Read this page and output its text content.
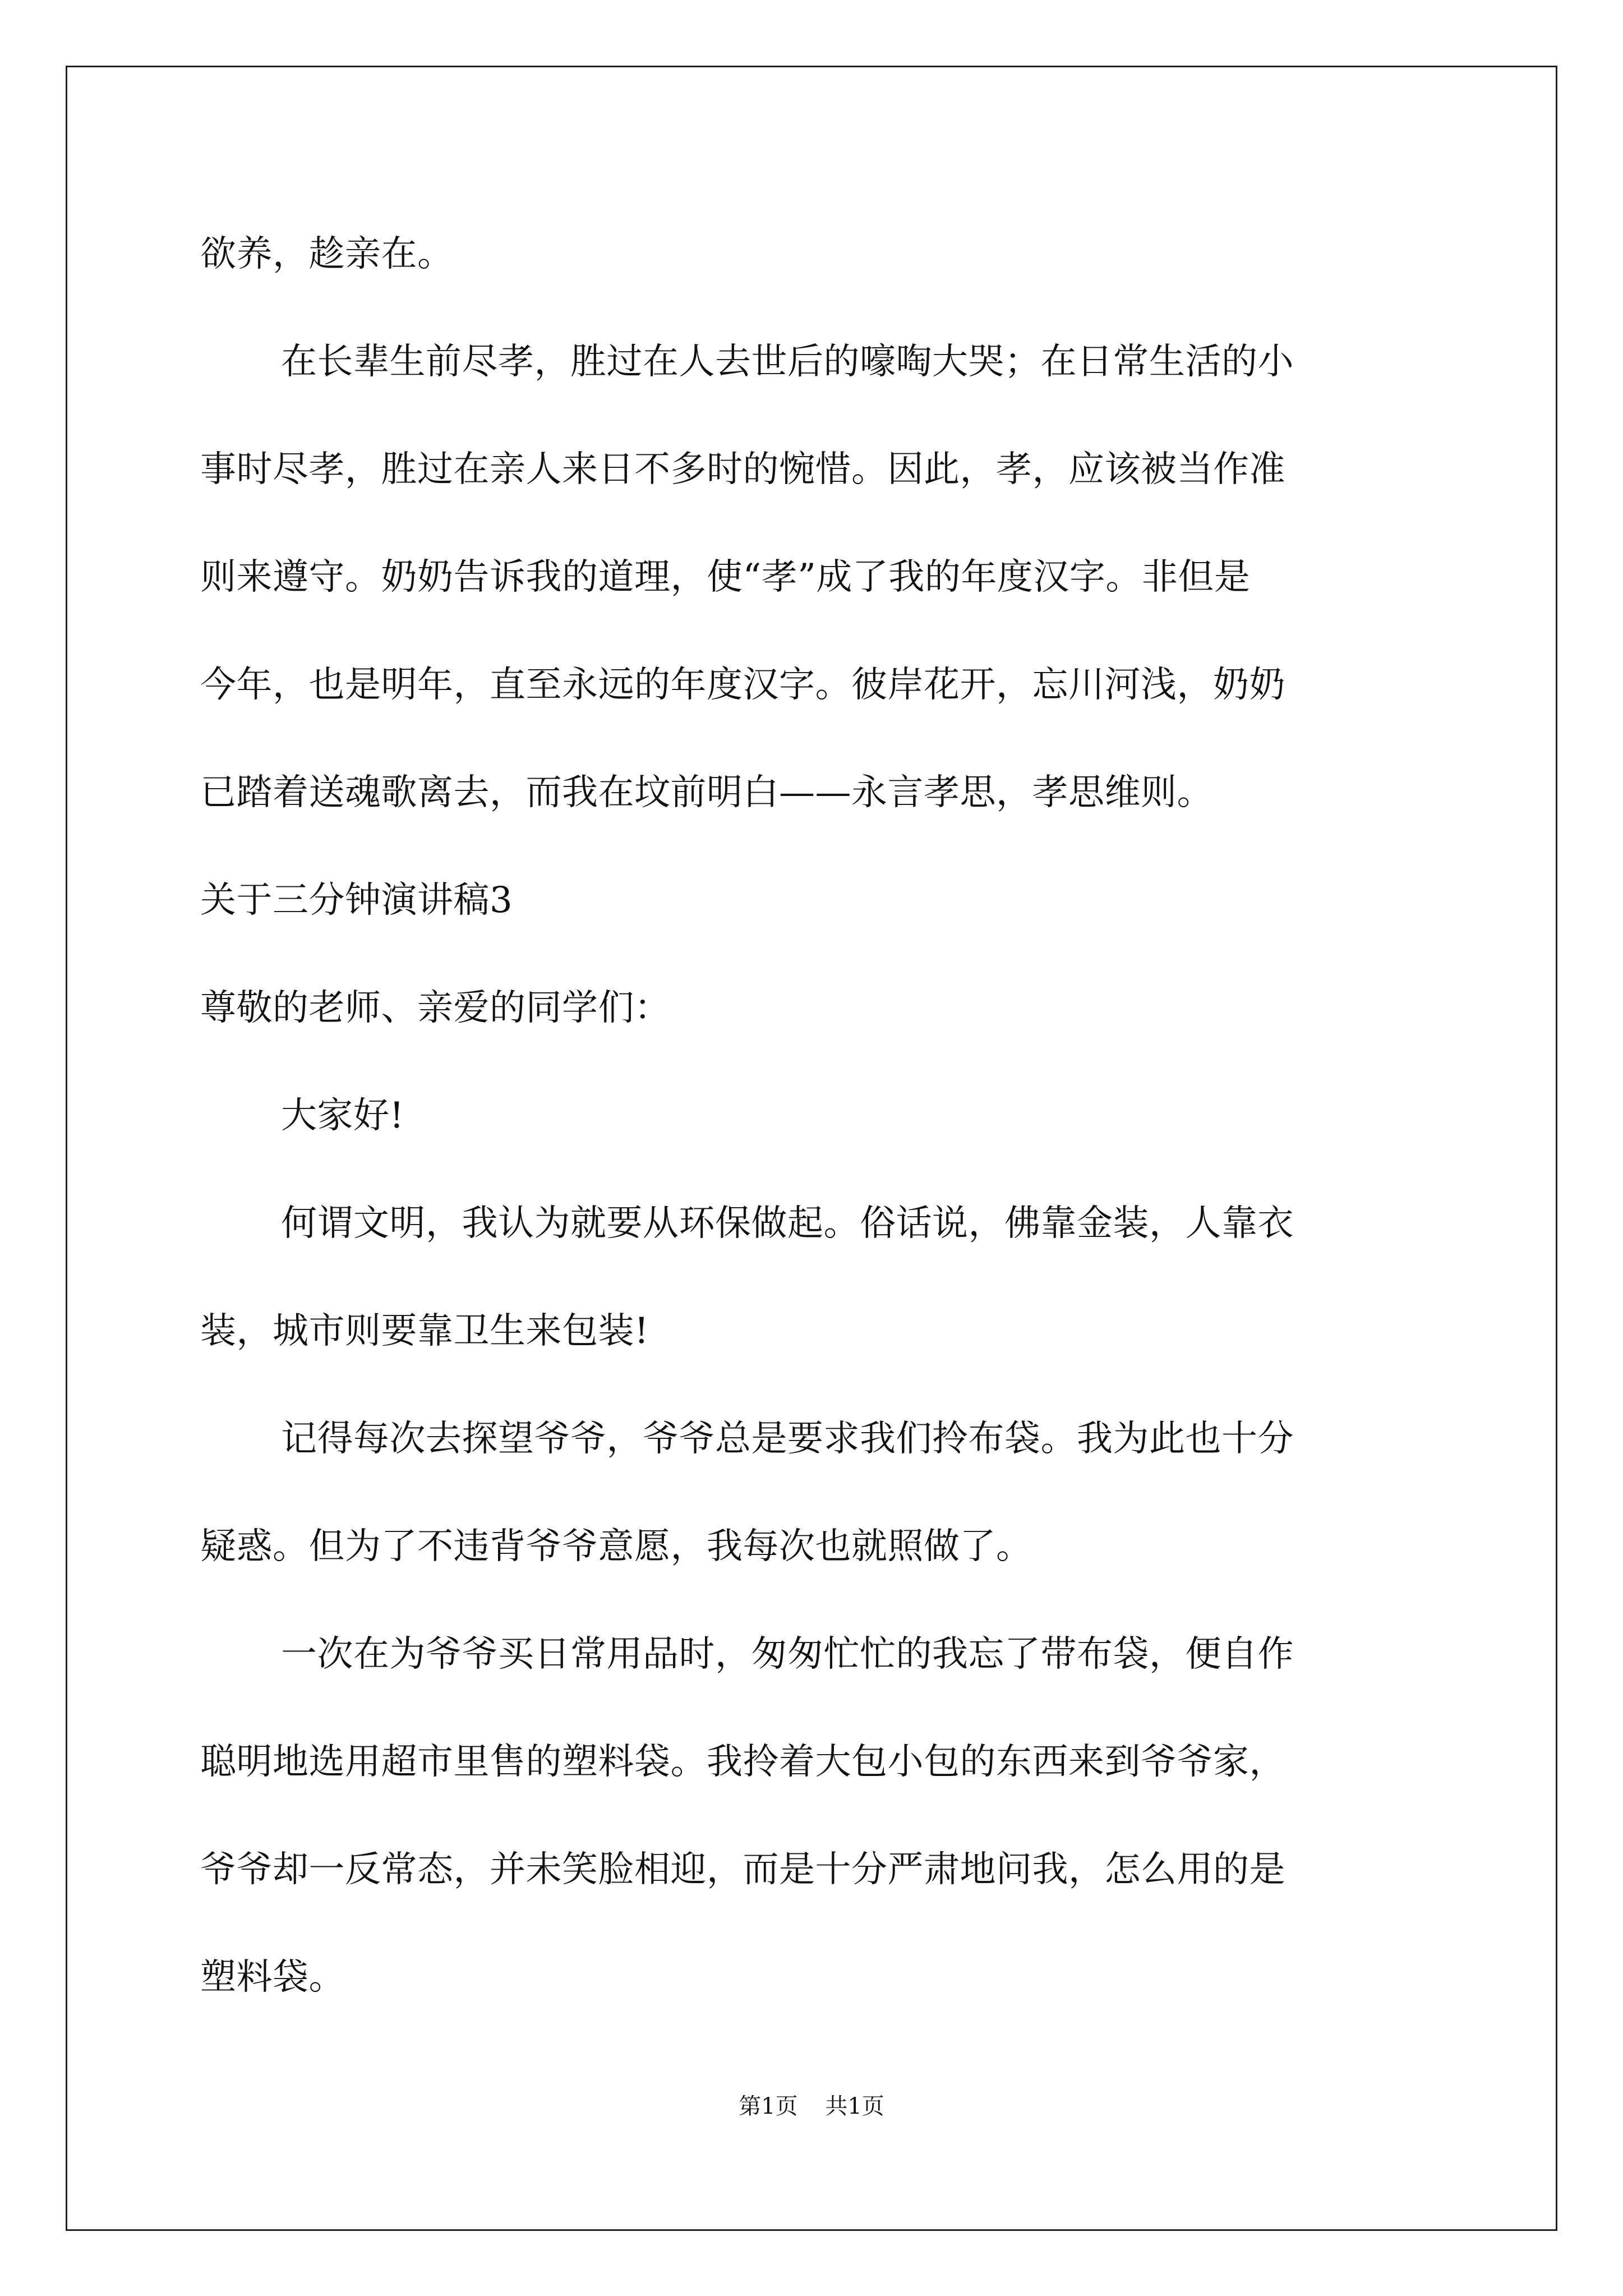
欲养，趁亲在。
在长辈生前尽孝，胜过在人去世后的嚎啕大哭；在日常生活的小
事时尽孝，胜过在亲人来日不多时的惋惜。因此，孝，应该被当作准
则来遵守。奶奶告诉我的道理，使“孝”成了我的年度汉字。非但是
今年，也是明年，直至永远的年度汉字。彼岸花开，忘川河浅，奶奶
已踏着送魂歌离去，而我在坟前明白——永言孝思，孝思维则。
关于三分钟演讲稿3
尊敬的老师、亲爱的同学们：
大家好!
何谓文明，我认为就要从环保做起。俗话说，佛靠金装，人靠衣
装，城市则要靠卫生来包装!
记得每次去探望爷爷，爷爷总是要求我们拎布袋。我为此也十分
疑惑。但为了不违背爷爷意愿，我每次也就照做了。
一次在为爷爷买日常用品时，匆匆忙忙的我忘了带布袋，便自作
聪明地选用超市里售的塑料袋。我拎着大包小包的东西来到爷爷家，
爷爷却一反常态，并未笑脸相迎，而是十分严肃地问我，怎么用的是
塑料袋。
第1页 共1页
